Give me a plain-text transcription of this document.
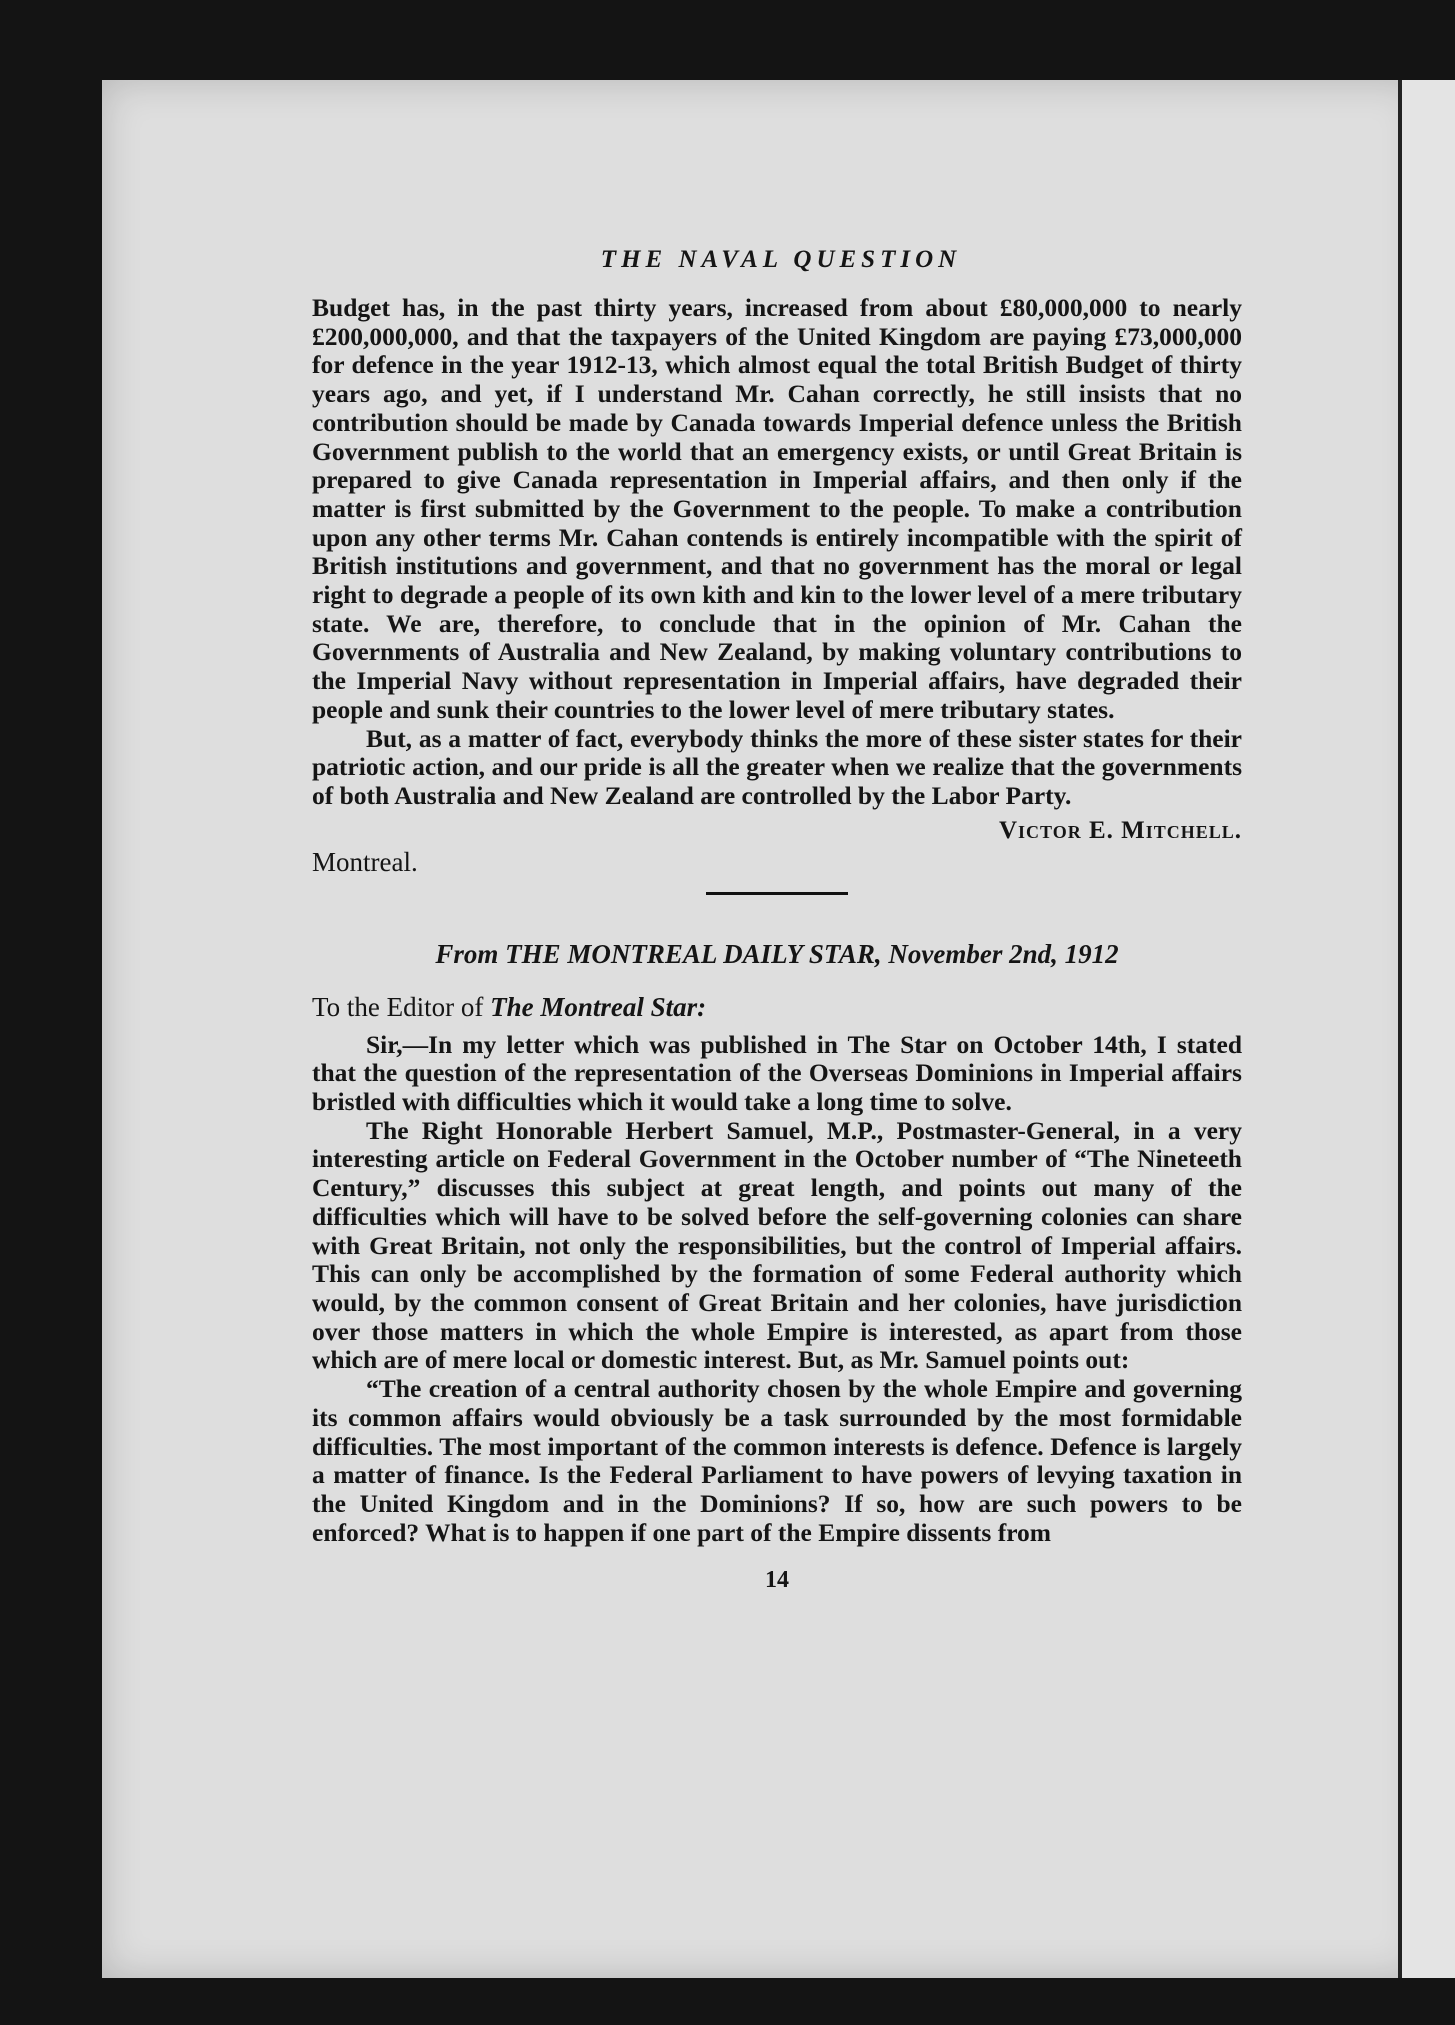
THE NAVAL QUESTION

Budget has, in the past thirty years, increased from about £80,000,000 to nearly £200,000,000, and that the taxpayers of the United Kingdom are paying £73,000,000 for defence in the year 1912-13, which almost equal the total British Budget of thirty years ago, and yet, if I understand Mr. Cahan correctly, he still insists that no contribution should be made by Canada towards Imperial defence unless the British Government publish to the world that an emergency exists, or until Great Britain is prepared to give Canada representation in Imperial affairs, and then only if the matter is first submitted by the Government to the people. To make a contribution upon any other terms Mr. Cahan contends is entirely incompatible with the spirit of British institutions and government, and that no government has the moral or legal right to degrade a people of its own kith and kin to the lower level of a mere tributary state. We are, therefore, to conclude that in the opinion of Mr. Cahan the Governments of Australia and New Zealand, by making voluntary contributions to the Imperial Navy without representation in Imperial affairs, have degraded their people and sunk their countries to the lower level of mere tributary states.

But, as a matter of fact, everybody thinks the more of these sister states for their patriotic action, and our pride is all the greater when we realize that the governments of both Australia and New Zealand are controlled by the Labor Party.

Victor E. Mitchell.
Montreal.
From THE MONTREAL DAILY STAR, November 2nd, 1912
To the Editor of The Montreal Star:

Sir,—In my letter which was published in The Star on October 14th, I stated that the question of the representation of the Overseas Dominions in Imperial affairs bristled with difficulties which it would take a long time to solve.

The Right Honorable Herbert Samuel, M.P., Postmaster-General, in a very interesting article on Federal Government in the October number of “The Nineteeth Century,” discusses this subject at great length, and points out many of the difficulties which will have to be solved before the self-governing colonies can share with Great Britain, not only the responsibilities, but the control of Imperial affairs. This can only be accomplished by the formation of some Federal authority which would, by the common consent of Great Britain and her colonies, have jurisdiction over those matters in which the whole Empire is interested, as apart from those which are of mere local or domestic interest. But, as Mr. Samuel points out:

“The creation of a central authority chosen by the whole Empire and governing its common affairs would obviously be a task surrounded by the most formidable difficulties. The most important of the common interests is defence. Defence is largely a matter of finance. Is the Federal Parliament to have powers of levying taxation in the United Kingdom and in the Dominions? If so, how are such powers to be enforced? What is to happen if one part of the Empire dissents from

14
